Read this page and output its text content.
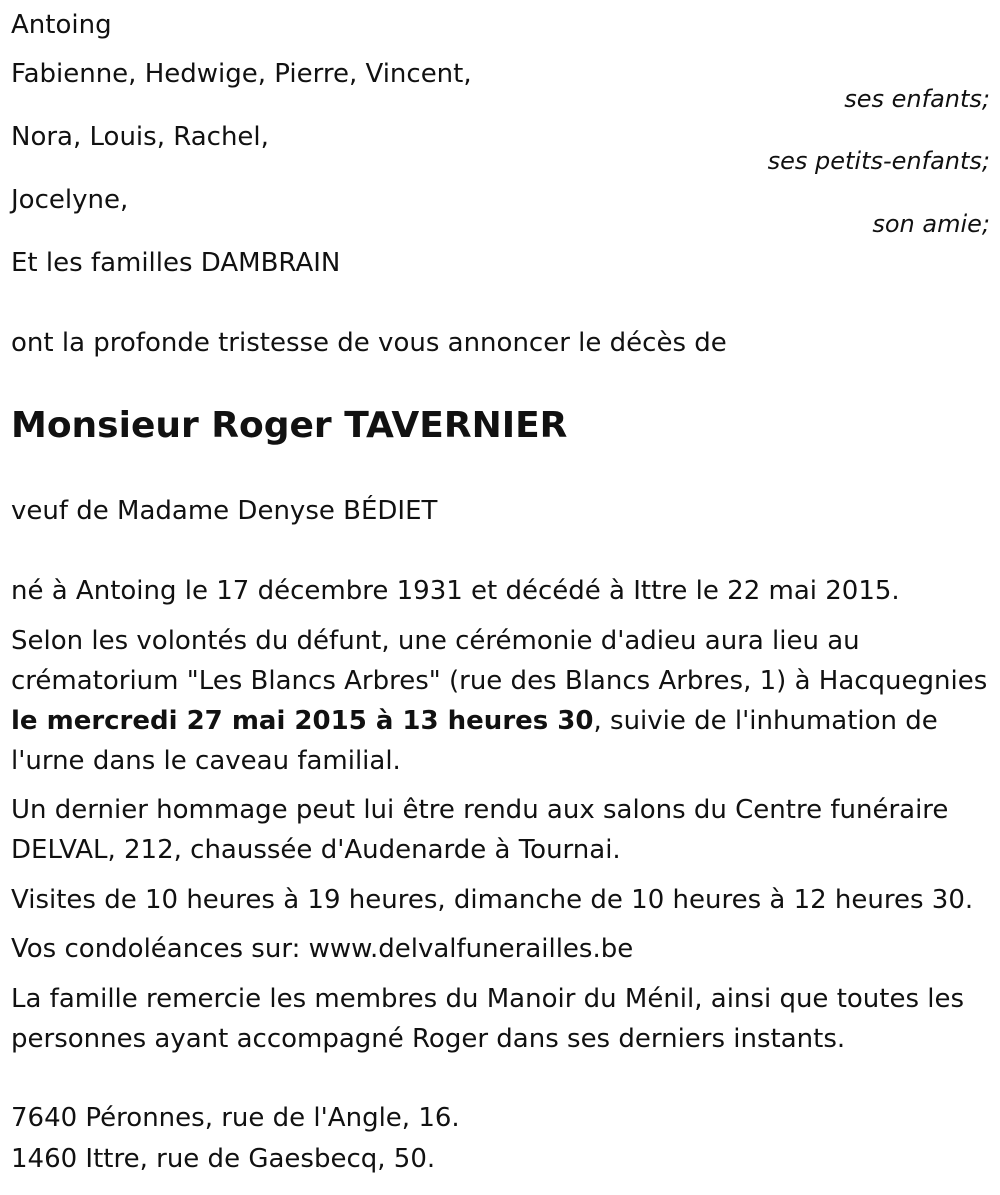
Antoing
Fabienne, Hedwige, Pierre, Vincent,
ses enfants;
Nora, Louis, Rachel,
ses petits-enfants;
Jocelyne,
son amie;
Et les familles DAMBRAIN
ont la profonde tristesse de vous annoncer le décès de
Monsieur Roger TAVERNIER
veuf de Madame Denyse BÉDIET
né à Antoing le 17 décembre 1931 et décédé à Ittre le 22 mai 2015.

Selon les volontés du défunt, une cérémonie d'adieu aura lieu au crématorium "Les Blancs Arbres" (rue des Blancs Arbres, 1) à Hacquegnies le mercredi 27 mai 2015 à 13 heures 30, suivie de l'inhumation de l'urne dans le caveau familial.

Un dernier hommage peut lui être rendu aux salons du Centre funéraire DELVAL, 212, chaussée d'Audenarde à Tournai.

Visites de 10 heures à 19 heures, dimanche de 10 heures à 12 heures 30.

Vos condoléances sur: www.delvalfunerailles.be

La famille remercie les membres du Manoir du Ménil, ainsi que toutes les personnes ayant accompagné Roger dans ses derniers instants.

7640 Péronnes, rue de l'Angle, 16.
1460 Ittre, rue de Gaesbecq, 50.
